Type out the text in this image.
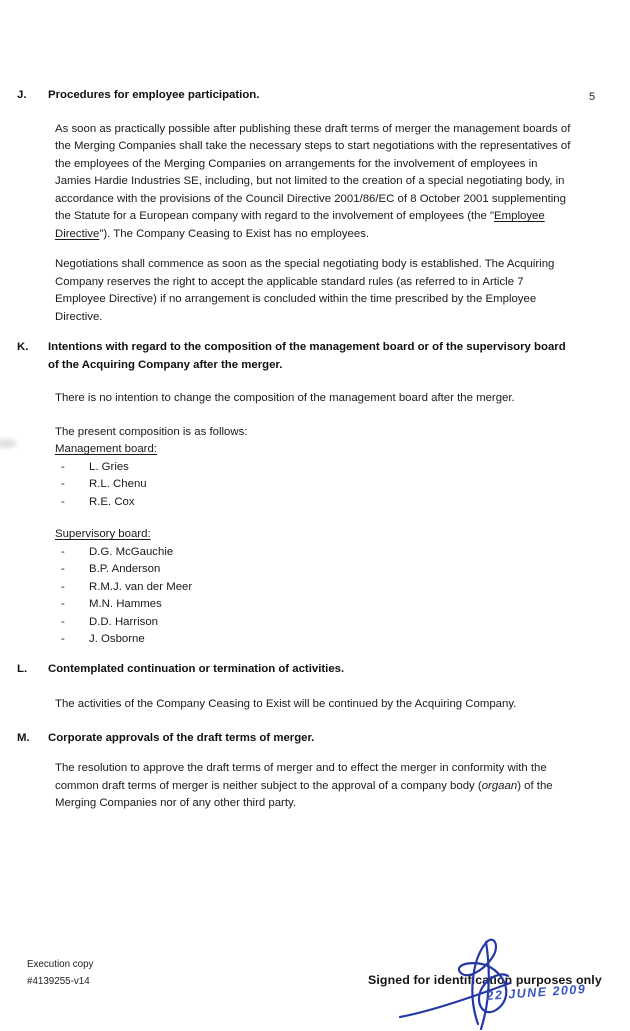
5
J.	Procedures for employee participation.
As soon as practically possible after publishing these draft terms of merger the management boards of
the Merging Companies shall take the necessary steps to start negotiations with the representatives of
the employees of the Merging Companies on arrangements for the involvement of employees in
Jamies Hardie Industries SE, including, but not limited to the creation of a special negotiating body, in
accordance with the provisions of the Council Directive 2001/86/EC of 8 October 2001 supplementing
the Statute for a European company with regard to the involvement of employees (the "Employee
Directive"). The Company Ceasing to Exist has no employees.
Negotiations shall commence as soon as the special negotiating body is established. The Acquiring
Company reserves the right to accept the applicable standard rules (as referred to in Article 7
Employee Directive) if no arrangement is concluded within the time prescribed by the Employee
Directive.
K.	Intentions with regard to the composition of the management board or of the supervisory board
of the Acquiring Company after the merger.
There is no intention to change the composition of the management board after the merger.
The present composition is as follows:
Management board:
-	L. Gries
-	R.L. Chenu
-	R.E. Cox
Supervisory board:
-	D.G. McGauchie
-	B.P. Anderson
-	R.M.J. van der Meer
-	M.N. Hammes
-	D.D. Harrison
-	J. Osborne
L.	Contemplated continuation or termination of activities.
The activities of the Company Ceasing to Exist will be continued by the Acquiring Company.
M.	Corporate approvals of the draft terms of merger.
The resolution to approve the draft terms of merger and to effect the merger in conformity with the
common draft terms of merger is neither subject to the approval of a company body (orgaan) of the
Merging Companies nor of any other third party.
Execution copy
#4139255-v14	Signed for identification purposes only
22 JUNE 2009
